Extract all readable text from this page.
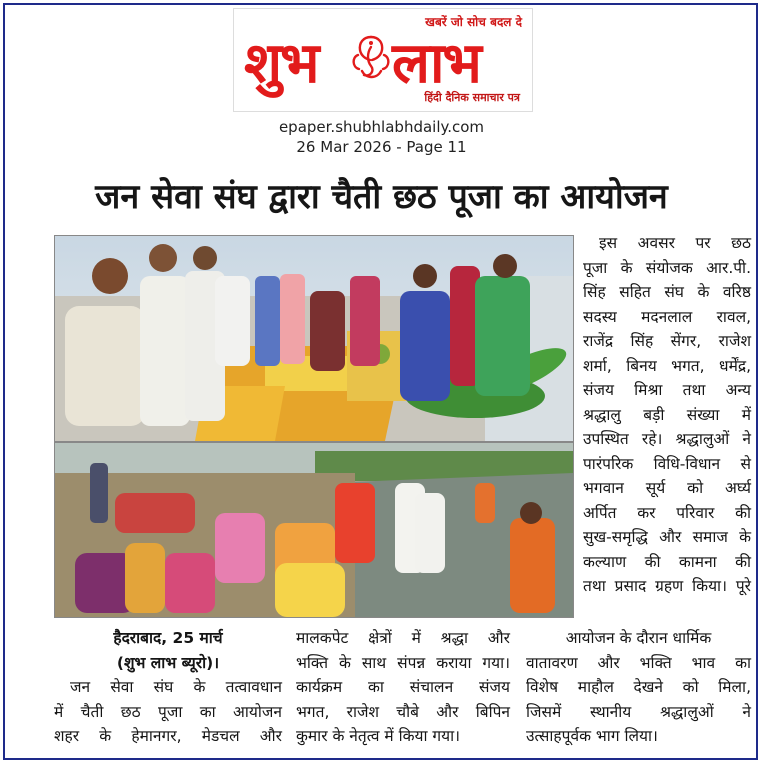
खबरें जो सोच बदल दे
शुभ लाभ
हिंदी दैनिक समाचार पत्र
epaper.shubhlabhdaily.com
26 Mar 2026 - Page 11
जन सेवा संघ द्वारा चैती छठ पूजा का आयोजन
इस अवसर पर छठ
पूजा के संयोजक आर.पी.
सिंह सहित संघ के वरिष्ठ
सदस्य मदनलाल रावल,
राजेंद्र सिंह सेंगर, राजेश
शर्मा, बिनय भगत, धर्मेंद्र,
संजय मिश्रा तथा अन्य
श्रद्धालु बड़ी संख्या में
उपस्थित रहे। श्रद्धालुओं ने
पारंपरिक विधि-विधान से
भगवान सूर्य को अर्घ्य
अर्पित कर परिवार की
सुख-समृद्धि और समाज के
कल्याण की कामना की
तथा प्रसाद ग्रहण किया। पूरे
हैदराबाद, 25 मार्च
(शुभ लाभ ब्यूरो)।
जन सेवा संघ के तत्वावधान
में चैती छठ पूजा का आयोजन
शहर के हेमानगर, मेडचल और
मालकपेट क्षेत्रों में श्रद्धा और
भक्ति के साथ संपन्न कराया गया।
कार्यक्रम का संचालन संजय
भगत, राजेश चौबे और बिपिन
कुमार के नेतृत्व में किया गया।
आयोजन के दौरान धार्मिक
वातावरण और भक्ति भाव का
विशेष माहौल देखने को मिला,
जिसमें स्थानीय श्रद्धालुओं ने
उत्साहपूर्वक भाग लिया।
